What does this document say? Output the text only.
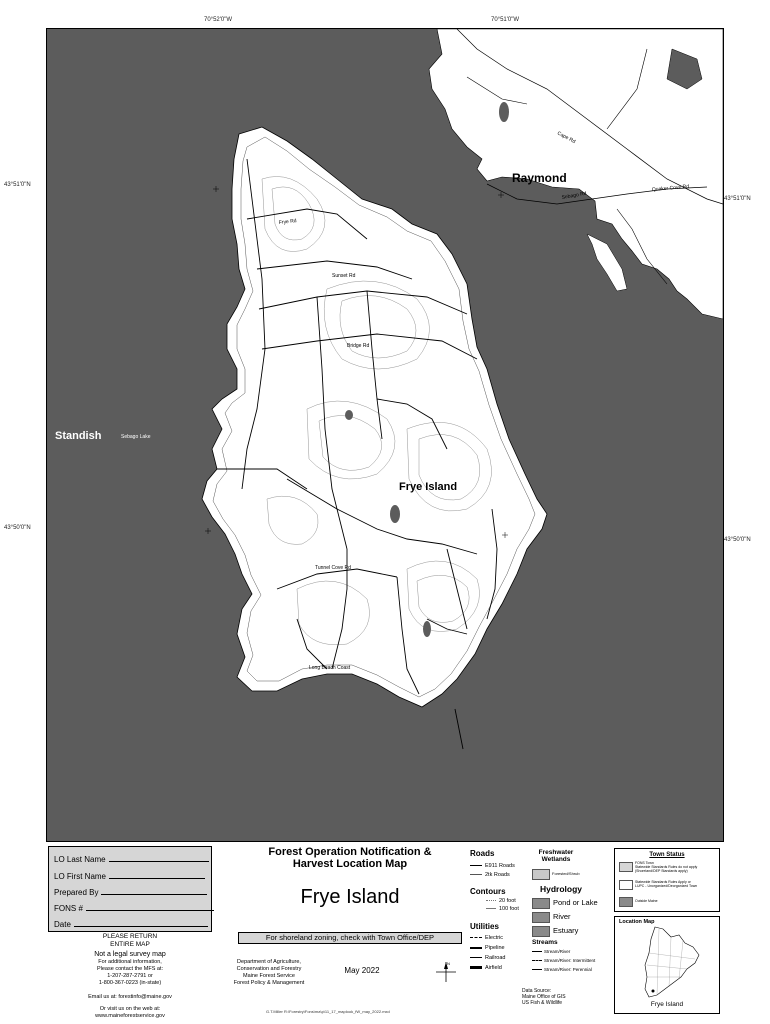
70°52'0"W	70°51'0"W
43°51'0"N
43°50'0"N
43°51'0"N
43°50'0"N
Frye Rd
Sunset Rd
Bridge Rd
Tunnel Cove Rd
Long Beach Coast
Cape Rd
Sebago Rd
Quaker Cove Rd
Raymond
Standish	Sebago Lake
Frye Island
LO Last Name
LO First Name
Prepared By
FONS #
Date
PLEASE RETURN
ENTIRE MAP
Not a legal survey map
For additional information,
Please contact the MFS at:
1-207-287-2791 or
1-800-367-0223 (in-state)
Email us at: forestinfo@maine.gov
Or visit us on the web at:
www.maineforestservice.gov
Forest Operation Notification &
Harvest Location Map
Frye Island
For shoreland zoning, check with Town Office/DEP
Department of Agriculture,
Conservation and Forestry
Maine Forest Service
Forest Policy & Management
May 2022
N
G.T.Miller R:\Forestry\Fons\ma\p\11_17_maplook_fW_may_2022.mxd
Roads
E911 Roads
2tk Roads
Contours
20 foot
100 foot
Utilities
Electric
Pipeline
Railroad
Airfield
Freshwater
Wetlands
Forested/Shrub
Hydrology
Pond or Lake
River
Estuary
Streams
Stream/River
Stream/River: Intermittent
Stream/River: Perennial
Data Source:
Maine Office of GIS
US Fish & Wildlife
Town Status
FONS Town
Statewide Standards Rules do not apply
(Shoreland/DEP Standards apply)
Statewide Standards Rules Apply or
LUPC - Unorganized/Deorganized Town
Outside Maine
Location Map
Frye Island
